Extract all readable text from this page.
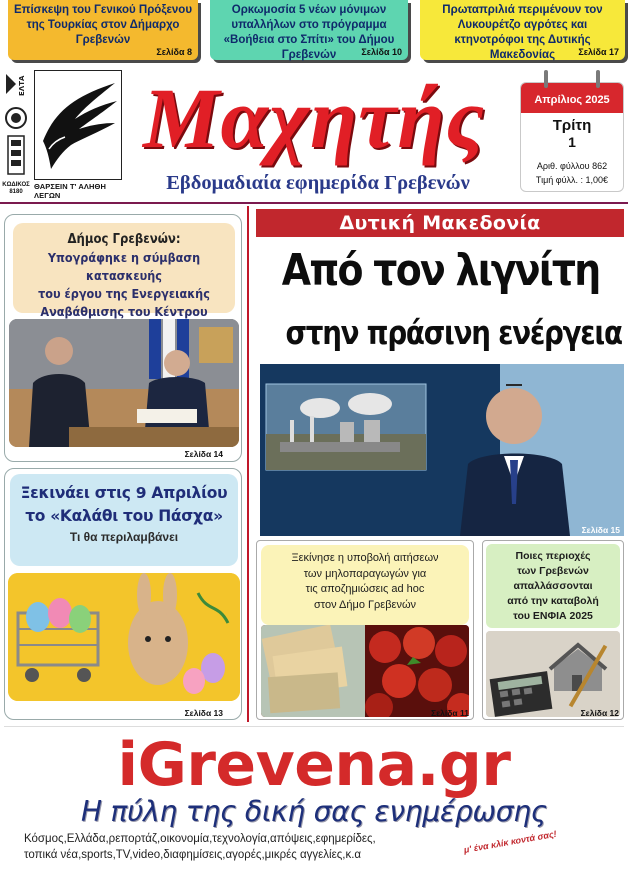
Επίσκεψη του Γενικού Πρόξενου της Τουρκίας στον Δήμαρχο Γρεβενών
Σελίδα 8
Ορκωμοσία 5 νέων μόνιμων υπαλλήλων στο πρόγραμμα «Βοήθεια στο Σπίτι» του Δήμου Γρεβενών	Σελίδα 10
Πρωταπριλιά περιμένουν τον Λυκουρέτζο αγρότες και κτηνοτρόφοι της Δυτικής Μακεδονίας	Σελίδα 17
ΕΛΤΑ
ΚΩΔΙΚΟΣ
8180
ΘΑΡΣΕΙΝ Τ' ΑΛΗΘΗ ΛΕΓΩΝ
Μαχητής
Εβδομαδιαία εφημερίδα Γρεβενών
Απρίλιος 2025
Τρίτη
1
Αριθ. φύλλου 862
Τιμή φύλλ. : 1,00€
Δήμος Γρεβενών:
Υπογράφηκε η σύμβαση κατασκευής
του έργου της Ενεργειακής
Αναβάθμισης του Κέντρου
Σελίδα 14
Ξεκινάει στις 9 Απριλίου
το «Καλάθι του Πάσχα»
Τι θα περιλαμβάνει
Σελίδα 13
Δυτική Μακεδονία
Από τον λιγνίτη
στην πράσινη ενέργεια
Σελίδα 15
Ξεκίνησε η υποβολή αιτήσεων
των μηλοπαραγωγών για
τις αποζημιώσεις ad hoc
στον Δήμο Γρεβενών
Σελίδα 11
Ποιες περιοχές
των Γρεβενών
απαλλάσσονται
από την καταβολή
του ΕΝΦΙΑ 2025
Σελίδα 12
iGrevena.gr
Η πύλη της δική σας ενημέρωσης
Κόσμος,Ελλάδα,ρεπορτάζ,οικονομία,τεχνολογία,απόψεις,εφημερίδες,
τοπικά νέα,sports,TV,video,διαφημίσεις,αγορές,μικρές αγγελίες,κ.α
μ' ένα κλίκ κοντά σας!
